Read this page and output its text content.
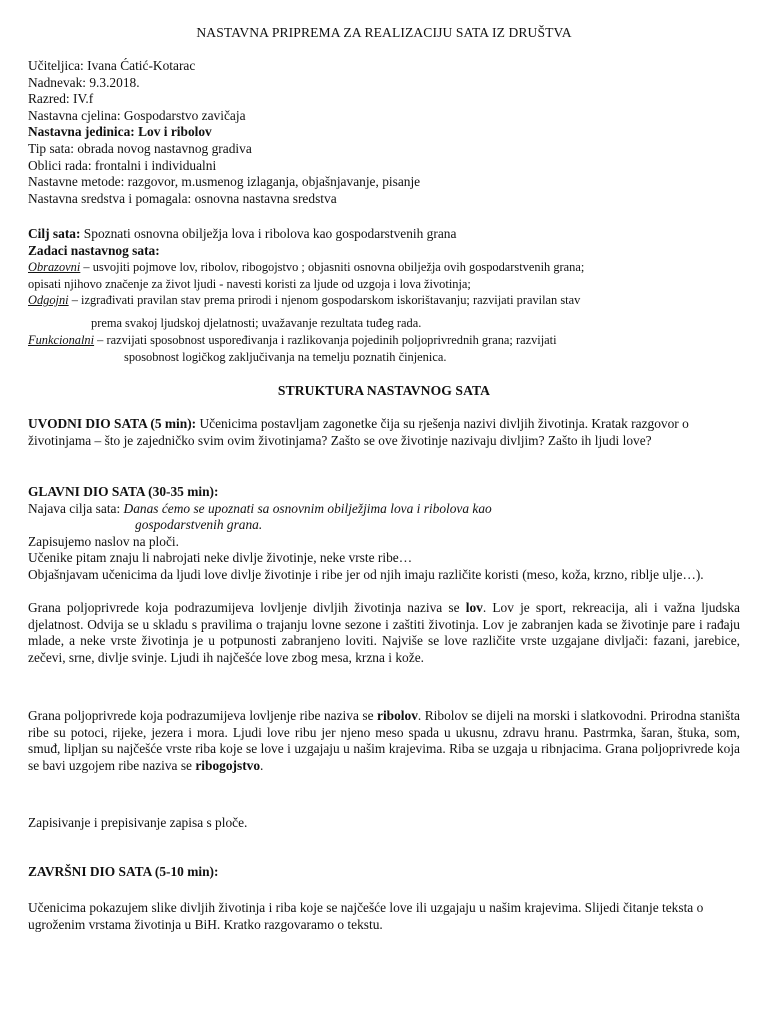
NASTAVNA PRIPREMA ZA REALIZACIJU SATA IZ DRUŠTVA
Učiteljica: Ivana Ćatić-Kotarac
Nadnevak: 9.3.2018.
Razred: IV.f
Nastavna cjelina: Gospodarstvo zavičaja
Nastavna jedinica: Lov i ribolov
Tip sata: obrada novog nastavnog gradiva
Oblici rada: frontalni i individualni
Nastavne metode: razgovor, m.usmenog izlaganja, objašnjavanje, pisanje
Nastavna sredstva i pomagala: osnovna nastavna sredstva
Cilj sata: Spoznati osnovna obilježja lova i ribolova kao gospodarstvenih grana
Zadaci nastavnog sata:
Obrazovni – usvojiti pojmove lov, ribolov, ribogojstvo ; objasniti osnovna obilježja ovih gospodarstvenih grana;
opisati njihovo značenje za život ljudi - navesti koristi za ljude od uzgoja i lova životinja;
Odgojni – izgrađivati pravilan stav prema prirodi i njenom gospodarskom iskorištavanju; razvijati pravilan stav
prema svakoj ljudskoj djelatnosti; uvažavanje rezultata tuđeg rada.
Funkcionalni – razvijati sposobnost uspoređivanja i razlikovanja pojedinih poljoprivrednih grana; razvijati
sposobnost logičkog zaključivanja na temelju poznatih činjenica.
STRUKTURA NASTAVNOG SATA
UVODNI DIO SATA (5 min): Učenicima postavljam zagonetke čija su rješenja nazivi divljih životinja. Kratak razgovor o životinjama – što je zajedničko svim ovim životinjama? Zašto se ove životinje nazivaju divljim? Zašto ih ljudi love?
GLAVNI DIO SATA (30-35 min):
Najava cilja sata: Danas ćemo se upoznati sa osnovnim obilježjima lova i ribolova kao
gospodarstvenih grana.
Zapisujemo naslov na ploči.
Učenike pitam znaju li nabrojati neke divlje životinje, neke vrste ribe…
Objašnjavam učenicima da ljudi love divlje životinje i ribe jer od njih imaju različite koristi (meso, koža, krzno, riblje ulje…).
Grana poljoprivrede koja podrazumijeva lovljenje divljih životinja naziva se lov. Lov je sport, rekreacija, ali i važna ljudska djelatnost. Odvija se u skladu s pravilima o trajanju lovne sezone i zaštiti životinja. Lov je zabranjen kada se životinje pare i rađaju mlade, a neke vrste životinja je u potpunosti zabranjeno loviti. Najviše se love različite vrste uzgajane divljači: fazani, jarebice, zečevi, srne, divlje svinje. Ljudi ih najčešće love zbog mesa, krzna i kože.
Grana poljoprivrede koja podrazumijeva lovljenje ribe naziva se ribolov. Ribolov se dijeli na morski i slatkovodni. Prirodna staništa ribe su potoci, rijeke, jezera i mora. Ljudi love ribu jer njeno meso spada u ukusnu, zdravu hranu. Pastrmka, šaran, štuka, som, smuđ, lipljan su najčešće vrste riba koje se love i uzgajaju u našim krajevima. Riba se uzgaja u ribnjacima. Grana poljoprivrede koja se bavi uzgojem ribe naziva se ribogojstvo.
Zapisivanje i prepisivanje zapisa s ploče.
ZAVRŠNI DIO SATA (5-10 min):
Učenicima pokazujem slike divljih životinja i riba koje se najčešće love ili uzgajaju u našim krajevima. Slijedi čitanje teksta o ugroženim vrstama životinja u BiH. Kratko razgovaramo o tekstu.
